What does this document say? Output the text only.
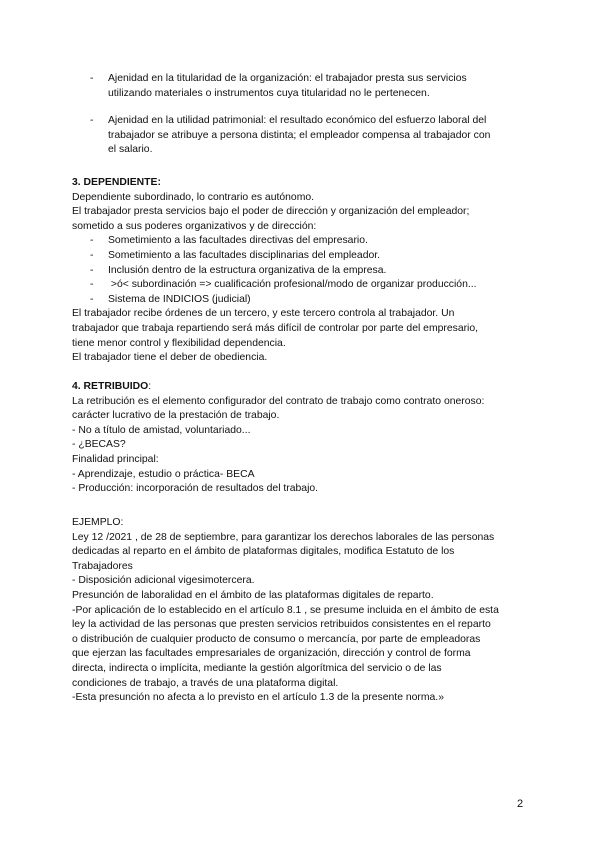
- Ajenidad en la titularidad de la organización: el trabajador presta sus servicios
utilizando materiales o instrumentos cuya titularidad no le pertenecen.
- Ajenidad en la utilidad patrimonial: el resultado económico del esfuerzo laboral del
trabajador se atribuye a persona distinta; el empleador compensa al trabajador con
el salario.
3. DEPENDIENTE:
Dependiente subordinado, lo contrario es autónomo.
El trabajador presta servicios bajo el poder de dirección y organización del empleador;
sometido a sus poderes organizativos y de dirección:
- Sometimiento a las facultades directivas del empresario.
- Sometimiento a las facultades disciplinarias del empleador.
- Inclusión dentro de la estructura organizativa de la empresa.
- >ó< subordinación => cualificación profesional/modo de organizar producción...
- Sistema de INDICIOS (judicial)
El trabajador recibe órdenes de un tercero, y este tercero controla al trabajador. Un
trabajador que trabaja repartiendo será más difícil de controlar por parte del empresario,
tiene menor control y flexibilidad dependencia.
El trabajador tiene el deber de obediencia.
4. RETRIBUIDO:
La retribución es el elemento configurador del contrato de trabajo como contrato oneroso:
carácter lucrativo de la prestación de trabajo.
- No a título de amistad, voluntariado...
- ¿BECAS?
Finalidad principal:
- Aprendizaje, estudio o práctica- BECA
- Producción: incorporación de resultados del trabajo.
EJEMPLO:
Ley 12 /2021 , de 28 de septiembre, para garantizar los derechos laborales de las personas
dedicadas al reparto en el ámbito de plataformas digitales, modifica Estatuto de los
Trabajadores
- Disposición adicional vigesimotercera.
Presunción de laboralidad en el ámbito de las plataformas digitales de reparto.
-Por aplicación de lo establecido en el artículo 8.1 , se presume incluida en el ámbito de esta
ley la actividad de las personas que presten servicios retribuidos consistentes en el reparto
o distribución de cualquier producto de consumo o mercancía, por parte de empleadoras
que ejerzan las facultades empresariales de organización, dirección y control de forma
directa, indirecta o implícita, mediante la gestión algorítmica del servicio o de las
condiciones de trabajo, a través de una plataforma digital.
-Esta presunción no afecta a lo previsto en el artículo 1.3 de la presente norma.»
2
